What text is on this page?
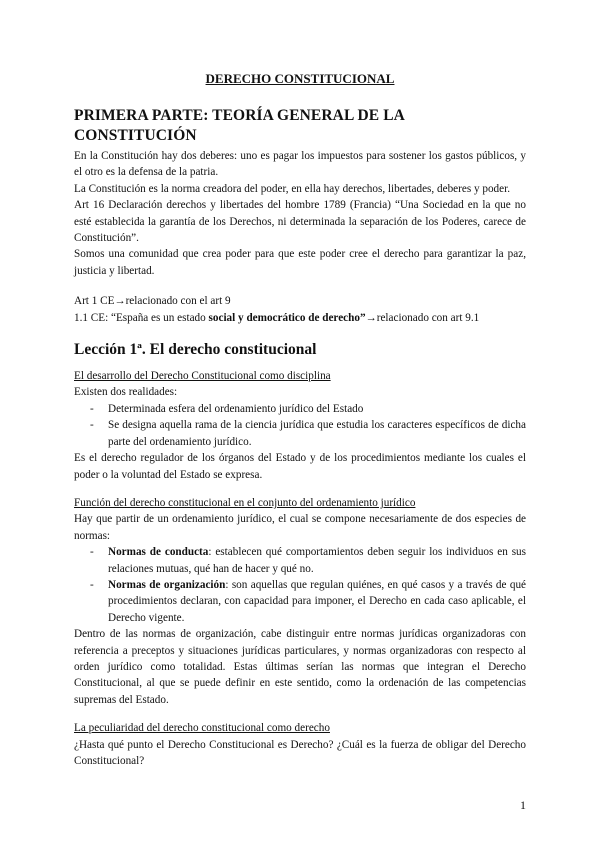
DERECHO CONSTITUCIONAL
PRIMERA PARTE: TEORÍA GENERAL DE LA CONSTITUCIÓN

En la Constitución hay dos deberes: uno es pagar los impuestos para sostener los gastos públicos, y el otro es la defensa de la patria.

La Constitución es la norma creadora del poder, en ella hay derechos, libertades, deberes y poder.

Art 16 Declaración derechos y libertades del hombre 1789 (Francia) “Una Sociedad en la que no esté establecida la garantía de los Derechos, ni determinada la separación de los Poderes, carece de Constitución”.

Somos una comunidad que crea poder para que este poder cree el derecho para garantizar la paz, justicia y libertad.

Art 1 CE→relacionado con el art 9

1.1 CE: “España es un estado social y democrático de derecho”→relacionado con art 9.1

Lección 1ª. El derecho constitucional
El desarrollo del Derecho Constitucional como disciplina

Existen dos realidades:

- Determinada esfera del ordenamiento jurídico del Estado
- Se designa aquella rama de la ciencia jurídica que estudia los caracteres específicos de dicha parte del ordenamiento jurídico.

Es el derecho regulador de los órganos del Estado y de los procedimientos mediante los cuales el poder o la voluntad del Estado se expresa.

Función del derecho constitucional en el conjunto del ordenamiento jurídico

Hay que partir de un ordenamiento jurídico, el cual se compone necesariamente de dos especies de normas:

- Normas de conducta: establecen qué comportamientos deben seguir los individuos en sus relaciones mutuas, qué han de hacer y qué no.
- Normas de organización: son aquellas que regulan quiénes, en qué casos y a través de qué procedimientos declaran, con capacidad para imponer, el Derecho en cada caso aplicable, el Derecho vigente.

Dentro de las normas de organización, cabe distinguir entre normas jurídicas organizadoras con referencia a preceptos y situaciones jurídicas particulares, y normas organizadoras con respecto al orden jurídico como totalidad. Estas últimas serían las normas que integran el Derecho Constitucional, al que se puede definir en este sentido, como la ordenación de las competencias supremas del Estado.

La peculiaridad del derecho constitucional como derecho

¿Hasta qué punto el Derecho Constitucional es Derecho? ¿Cuál es la fuerza de obligar del Derecho Constitucional?

1
